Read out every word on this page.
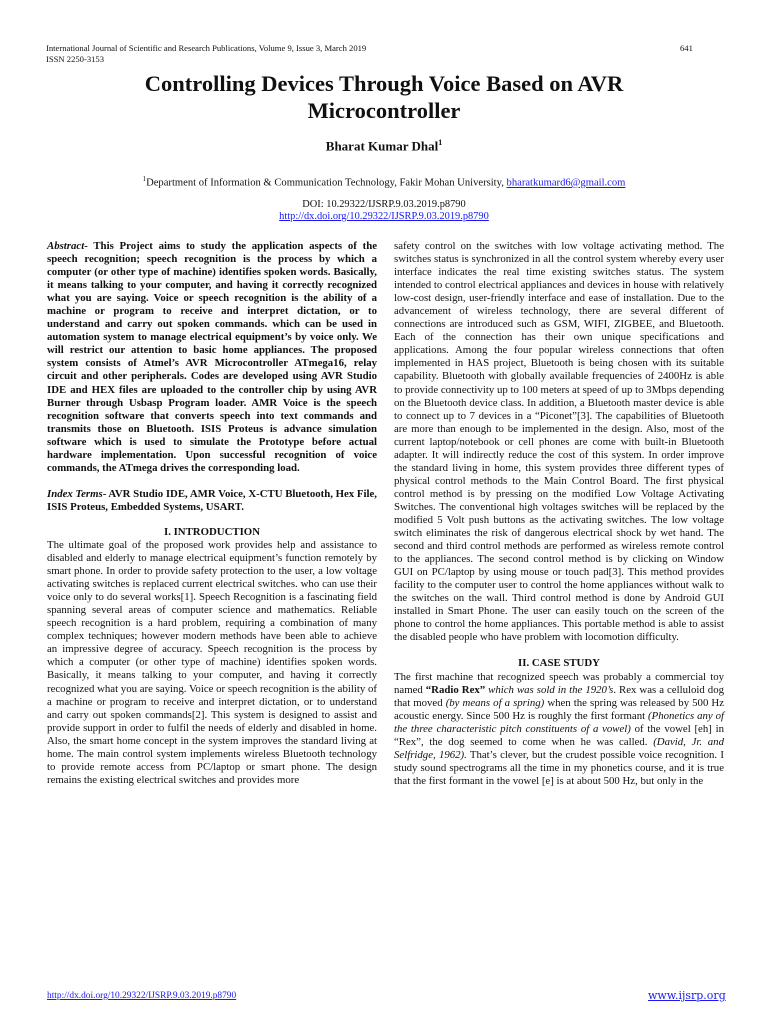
International Journal of Scientific and Research Publications, Volume 9, Issue 3, March 2019
ISSN 2250-3153
641
Controlling Devices Through Voice Based on AVR
Microcontroller
Bharat Kumar Dhal$^1$
$^1$Department of Information & Communication Technology, Fakir Mohan University, bharatkumard6@gmail.com
DOI: 10.29322/IJSRP.9.03.2019.p8790
http://dx.doi.org/10.29322/IJSRP.9.03.2019.p8790

Abstract- This Project aims to study the application aspects of the speech recognition; speech recognition is the process by which a computer (or other type of machine) identifies spoken words. Basically, it means talking to your computer, and having it correctly recognized what you are saying. Voice or speech recognition is the ability of a machine or program to receive and interpret dictation, or to understand and carry out spoken commands. which can be used in automation system to manage electrical equipment’s by voice only. We will restrict our attention to basic home appliances. The proposed system consists of Atmel’s AVR Microcontroller ATmega16, relay circuit and other peripherals. Codes are developed using AVR Studio IDE and HEX files are uploaded to the controller chip by using AVR Burner through Usbasp Program loader. AMR Voice is the speech recognition software that converts speech into text commands and transmits those on Bluetooth. ISIS Proteus is advance simulation software which is used to simulate the Prototype before actual hardware implementation. Upon successful recognition of voice commands, the ATmega drives the corresponding load.

Index Terms- AVR Studio IDE, AMR Voice, X-CTU Bluetooth, Hex File, ISIS Proteus, Embedded Systems, USART.

I. INTRODUCTION

The ultimate goal of the proposed work provides help and assistance to disabled and elderly to manage electrical equipment’s function remotely by smart phone. In order to provide safety protection to the user, a low voltage activating switches is replaced current electrical switches. who can use their voice only to do several works[1]. Speech Recognition is a fascinating field spanning several areas of computer science and mathematics. Reliable speech recognition is a hard problem, requiring a combination of many complex techniques; however modern methods have been able to achieve an impressive degree of accuracy. Speech recognition is the process by which a computer (or other type of machine) identifies spoken words. Basically, it means talking to your computer, and having it correctly recognized what you are saying. Voice or speech recognition is the ability of a machine or program to receive and interpret dictation, or to understand and carry out spoken commands[2]. This system is designed to assist and provide support in order to fulfil the needs of elderly and disabled in home. Also, the smart home concept in the system improves the standard living at home. The main control system implements wireless Bluetooth technology to provide remote access from PC/laptop or smart phone. The design remains the existing electrical switches and provides more

safety control on the switches with low voltage activating method. The switches status is synchronized in all the control system whereby every user interface indicates the real time existing switches status. The system intended to control electrical appliances and devices in house with relatively low-cost design, user-friendly interface and ease of installation. Due to the advancement of wireless technology, there are several different of connections are introduced such as GSM, WIFI, ZIGBEE, and Bluetooth. Each of the connection has their own unique specifications and applications. Among the four popular wireless connections that often implemented in HAS project, Bluetooth is being chosen with its suitable capability. Bluetooth with globally available frequencies of 2400Hz is able to provide connectivity up to 100 meters at speed of up to 3Mbps depending on the Bluetooth device class. In addition, a Bluetooth master device is able to connect up to 7 devices in a “Piconet”[3]. The capabilities of Bluetooth are more than enough to be implemented in the design. Also, most of the current laptop/notebook or cell phones are come with built-in Bluetooth adapter. It will indirectly reduce the cost of this system. In order improve the standard living in home, this system provides three different types of physical control methods to the Main Control Board. The first physical control method is by pressing on the modified Low Voltage Activating Switches. The conventional high voltages switches will be replaced by the modified 5 Volt push buttons as the activating switches. The low voltage switch eliminates the risk of dangerous electrical shock by wet hand. The second and third control methods are performed as wireless remote control to the appliances. The second control method is by clicking on Window GUI on PC/laptop by using mouse or touch pad[3]. This method provides facility to the computer user to control the home appliances without walk to the switches on the wall. Third control method is done by Android GUI installed in Smart Phone. The user can easily touch on the screen of the phone to control the home appliances. This portable method is able to assist the disabled people who have problem with locomotion difficulty.

II. CASE STUDY

The first machine that recognized speech was probably a commercial toy named “Radio Rex” which was sold in the 1920’s. Rex was a celluloid dog that moved (by means of a spring) when the spring was released by 500 Hz acoustic energy. Since 500 Hz is roughly the first formant (Phonetics any of the three characteristic pitch constituents of a vowel) of the vowel [eh] in “Rex”, the dog seemed to come when he was called. (David, Jr. and Selfridge, 1962). That’s clever, but the crudest possible voice recognition. I study sound spectrograms all the time in my phonetics course, and it is true that the first formant in the vowel [e] is at about 500 Hz, but only in the

http://dx.doi.org/10.29322/IJSRP.9.03.2019.p8790	www.ijsrp.org
